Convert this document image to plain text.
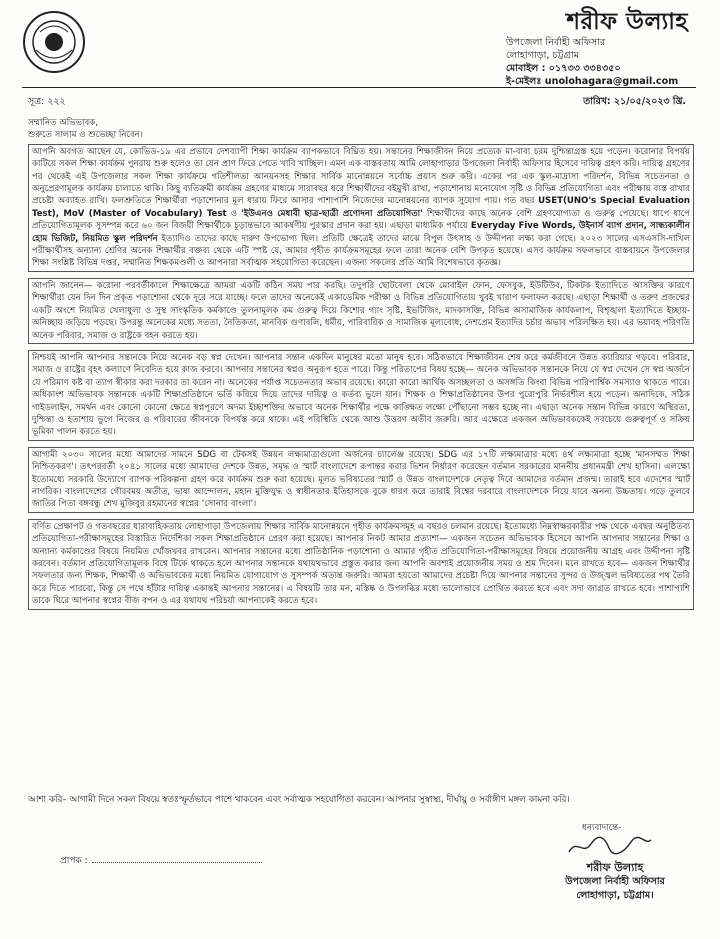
শরীফ উল্যাহ
উপজেলা নির্বাহী অফিসার
লোহাগাড়া, চট্টগ্রাম
মোবাইল : ০১৭৩৩ ৩৩৪৩৫০
ই-মেইলঃ unolohagara@gmail.com
সূত্র: ২২২	তারিখ: ২১/০৫/২০২৩ খ্রি.

সম্মানিত অভিভাবক,

শুরুতে সালাম ও শুভেচ্ছা নিবেন।

আপনি অবগত আছেন যে, কোভিড-১৯ এর প্রভাবে দেশব্যাপী শিক্ষা কার্যক্রম ব্যাপকভাবে বিঘ্নিত হয়। সন্তানের শিক্ষাজীবন নিয়ে প্রত্যেক মা-বাবা চরম দুশ্চিন্তাগ্রস্ত হয়ে পড়েন। করোনার বিপর্যয় কাটিয়ে সকল শিক্ষা কার্যক্রম পুনরায় শুরু হলেও তা যেন প্রাণ ফিরে পেতে খাবি খাচ্ছিল। এমন এক বাস্তবতায় আমি লোহাগাড়ার উপজেলা নির্বাহী অফিসার হিসেবে দায়িত্ব গ্রহণ করি। দায়িত্ব গ্রহণের পর থেকেই এই উপজেলার সকল শিক্ষা কার্যক্রমে গতিশীলতা আনয়নসহ শিক্ষার সার্বিক মানোন্নয়নে সর্বোচ্চ প্রয়াস শুরু করি। একের পর এক স্কুল-মাদ্রাসা পরিদর্শন, বিভিন্ন সচেতনতা ও অনুপ্রেরণামূলক কার্যক্রম চালাতে থাকি। কিছু ব্যতিক্রমী কার্যক্রম গ্রহণের মাধ্যমে সারাবছর ধরে শিক্ষার্থীদের বইমুখী রাখা, পড়াশোনায় মনোযোগ সৃষ্টি ও বিভিন্ন প্রতিযোগিতা এবং পরীক্ষায় ব্যস্ত রাখার প্রচেষ্টা অব্যাহত রাখি। ফলশ্রুতিতে শিক্ষার্থীরা পড়াশোনার মূল ধারায় ফিরে আসার পাশাপাশি নিজেদের মানোন্নয়নের ব্যাপক সুযোগ পায়। গত বছর USET(UNO's Special Evaluation Test), MoV (Master of Vocabulary) Test ও 'ইউএনও মেধাবী ছাত্র-ছাত্রী প্রণোদনা প্রতিযোগিতা' শিক্ষার্থীদের কাছে অনেক বেশি গ্রহণযোগ্যতা ও গুরুত্ব পেয়েছে। ধাপে ধাপে প্রতিযোগিতামূলক সুসম্পন্ন করে ৬০ জন বিজয়ী শিক্ষার্থীকে চূড়ান্তভাবে আকর্ষণীয় পুরস্কার প্রদান করা হয়। এছাড়া মাধ্যমিক পর্যায়ে Everyday Five Words, উইনার্স ব্যাগ প্রদান, সান্ধ্যকালীন হোম ভিজিট, নিয়মিত স্কুল পরিদর্শন ইত্যাদিও তাদের কাছে দারুণ উপভোগ্য ছিল। প্রতিটি ক্ষেত্রেই তাদের মাঝে বিপুল উৎসাহ ও উদ্দীপনা লক্ষ্য করা গেছে। ২০২৩ সালের এসএসসি-দাখিল পরীক্ষার্থীসহ অন্যান্য শ্রেণির অনেক শিক্ষার্থীর বক্তব্য থেকে এটি স্পষ্ট যে, আমার গৃহীত কার্যক্রমসমূহের ফলে তারা অনেক বেশি উপকৃত হয়েছে। এসব কার্যক্রম সফলভাবে বাস্তবায়নে উপজেলার শিক্ষা সংশ্লিষ্ট বিভিন্ন দপ্তর, সম্মানিত শিক্ষকমণ্ডলী ও আপনারা সর্বাত্মক সহযোগিতা করেছেন। এজন্য সকলের প্রতি আমি বিশেষভাবে কৃতজ্ঞ।

আপনি জানেন— করোনা পরবর্তীকালে শিক্ষাক্ষেত্রে আমরা একটি কঠিন সময় পার করছি। তদুপরি ছোটবেলা থেকে মোবাইল ফোন, ফেসবুক, ইউটিউব, টিকটক ইত্যাদিতে আসক্তির কারণে শিক্ষার্থীরা যেন দিন দিন প্রকৃত পড়াশোনা থেকে দূরে সরে যাচ্ছে। ফলে তাদের অনেকেই একাডেমিক পরীক্ষা ও বিভিন্ন প্রতিযোগিতায় খুবই খারাপ ফলাফল করছে। এছাড়া শিক্ষার্থী ও তরুণ প্রজন্মের একটি অংশে নিয়মিত খেলাধুলা ও সুস্থ সাংস্কৃতিক কর্মকাণ্ডে তুলনামূলক কম গুরুত্ব দিয়ে কিশোর গ্যাং সৃষ্টি, ইভটিজিং, মাদকাসক্তি, বিভিন্ন অসামাজিক কার্যকলাপ, বিশৃঙ্খলা ইত্যাদিতে ইচ্ছায়-অনিচ্ছায় জড়িয়ে পড়ছে। উপরন্তু অনেকের মধ্যে সততা, নৈতিকতা, মানবিক গুণাবলি, ধর্মীয়, পারিবারিক ও সামাজিক মূল্যবোধ, দেশপ্রেম ইত্যাদির চর্চার অভাব পরিলক্ষিত হয়। এর ভয়াবহ পরিণতি অনেক পরিবার, সমাজ ও রাষ্ট্রকে বহন করতে হয়।

নিশ্চয়ই আপনি আপনার সন্তানকে নিয়ে অনেক বড় স্বপ্ন দেখেন। আপনার সন্তান একদিন মানুষের মতো মানুষ হবে। সঠিকভাবে শিক্ষাজীবন শেষ করে কর্মজীবনে উন্নত ক্যারিয়ার গড়বে। পরিবার, সমাজ ও রাষ্ট্রের বৃহৎ কল্যাণে নিবেদিত হয়ে কাজ করবে। আপনার সন্তানের স্বপ্নও অনুরূপ হতে পারে। কিন্তু পরিতাপের বিষয় হচ্ছে— অনেক অভিভাবক সন্তানকে নিয়ে যে স্বপ্ন দেখেন সে স্বপ্ন অর্জনে যে পরিমাণ কষ্ট বা ত্যাগ স্বীকার করা দরকার তা করেন না। অনেকের পর্যাপ্ত সচেতনতার অভাব রয়েছে। কারো কারো আর্থিক অসচ্ছলতা ও অসঙ্গতি কিংবা বিভিন্ন পারিপার্শ্বিক সমস্যাও থাকতে পারে। অধিকাংশ অভিভাবক সন্তানকে একটি শিক্ষাপ্রতিষ্ঠানে ভর্তি করিয়ে দিয়ে তাদের দায়িত্ব ও কর্তব্য ভুলে যান। শিক্ষক ও শিক্ষাপ্রতিষ্ঠানের উপর পুরোপুরি নির্ভরশীল হয়ে পড়েন। অনাদিকে, সঠিক গাইডলাইন, সমর্থন এবং কোনো কোনো ক্ষেত্রে স্বপ্নপূরণে অদম্য ইচ্ছাশক্তির অভাবে অনেক শিক্ষার্থীর পক্ষে কাঙ্ক্ষিত লক্ষ্যে পৌঁছানো সম্ভব হচ্ছে না। এছাড়া অনেক সন্তান বিভিন্ন কারণে অস্থিরতা, দুশ্চিন্তা ও হতাশায় ভুগে নিজের ও পরিবারের জীবনকে বিপর্যস্ত করে থাকে। এই পরিস্থিতি থেকে আশু উত্তরণ অতীব জরুরি। আর এক্ষেত্রে একজন অভিভাবককেই সবচেয়ে গুরুত্বপূর্ণ ও সক্রিয় ভূমিকা পালন করতে হয়।

আগামী ২০৩০ সালের মধ্যে আমাদের সামনে SDG বা টেকসই উন্নয়ন লক্ষ্যমাত্রাগুলো অর্জনের চ্যালেঞ্জ রয়েছে। SDG এর ১৭টি লক্ষ্যমাত্রার মধ্যে ৪র্থ লক্ষ্যমাত্রা হচ্ছে 'মানসম্মত শিক্ষা নিশ্চিতকরণ'। তৎপরবর্তী ২০৪১ সালের মধ্যে আমাদের দেশকে উন্নত, সমৃদ্ধ ও স্মার্ট বাংলাদেশে রূপান্তর করার ভিশন নির্ধারণ করেছেন বর্তমান সরকারের মাননীয় প্রধানমন্ত্রী শেখ হাসিনা। এলক্ষ্যে ইতোমধ্যে সরকারি উদ্যোগে ব্যাপক পরিকল্পনা গ্রহণ করে কার্যক্রম শুরু করা হয়েছে। মূলত ভবিষ্যতের স্মার্ট ও উন্নত বাংলাদেশকে নেতৃত্ব দিবে আমাদের বর্তমান প্রজন্ম। তারাই হবে এদেশের স্মার্ট নাগরিক। বাংলাদেশের গৌরবময় অতীত, ভাষা আন্দোলন, মহান মুক্তিযুদ্ধ ও স্বাধীনতার ইতিহাসকে বুকে ধারণ করে তারাই বিশ্বের দরবারে বাংলাদেশকে নিয়ে যাবে অনন্য উচ্চতায়। গড়ে তুলবে জাতির পিতা বঙ্গবন্ধু শেখ মুজিবুর রহমানের স্বপ্নের 'সোনার বাংলা'।

বর্ণিত প্রেক্ষাপট ও গতবছরের ধারাবাহিকতায় লোহাগাড়া উপজেলায় শিক্ষার সার্বিক মানোন্নয়নে গৃহীত কার্যক্রমসমূহ এ বছরও চলমান রয়েছে। ইতোমধ্যে নিম্নস্বাক্ষরকারীর পক্ষ থেকে এবছর অনুষ্ঠিতব্য প্রতিযোগিতা-পরীক্ষাসমূহের বিস্তারিত নির্দেশিকা সকল শিক্ষাপ্রতিষ্ঠানে প্রেরণ করা হয়েছে। আপনার নিকট আমার প্রত্যাশা— একজন সচেতন অভিভাবক হিসেবে আপনি আপনার সন্তানের শিক্ষা ও অন্যান্য কর্মকাণ্ডের বিষয়ে নিয়মিত খোঁজখবর রাখবেন। আপনার সন্তানের মধ্যে প্রাতিষ্ঠানিক পড়াশোনা ও আমার গৃহীত প্রতিযোগিতা-পরীক্ষাসমূহের বিষয়ে প্রয়োজনীয় আগ্রহ এবং উদ্দীপনা সৃষ্টি করবেন। বর্তমান প্রতিযোগিতামূলক বিশ্বে টিকে থাকতে হলে আপনার সন্তানকে যথাযথভাবে প্রস্তুত করার জন্য আপনি অবশ্যই প্রয়োজনীয় সময় ও শ্রম দিবেন। মনে রাখতে হবে— একজন শিক্ষার্থীর সফলতার জন্য শিক্ষক, শিক্ষার্থী ও অভিভাবকের মধ্যে নিয়মিত যোগাযোগ ও সুসম্পর্ক অত্যন্ত জরুরি। আমরা হয়তো আমাদের প্রচেষ্টা দিয়ে আপনার সন্তানের সুন্দর ও উজ্জ্বল ভবিষ্যতের পথ তৈরি করে দিতে পারবো, কিন্তু সে পথে হাঁটার দায়িত্ব একান্তই আপনার সন্তানের। এ বিষয়টি তার মন, মস্তিষ্ক ও উপলব্ধির মধ্যে ভালোভাবে প্রোথিত করতে হবে এবং সদা জাগ্রত রাখতে হবে। পাশাপাশি তাকে ঘিরে আপনার স্বপ্নের বীজ বপন ও এর যথাযথ পরিচর্যা আপনাকেই করতে হবে।

আশা করি– আগামী দিনে সকল বিষয়ে স্বতঃস্ফূর্তভাবে পাশে থাকবেন এবং সর্বাত্মক সহযোগিতা করবেন। আপনার সুস্বাস্থ্য, দীর্ঘায়ু ও সর্বাঙ্গীণ মঙ্গল কামনা করি।
ধন্যবাদান্তে-
শরীফ উল্যাহ
উপজেলা নির্বাহী অফিসার
লোহাগাড়া, চট্টগ্রাম।
প্রাপক :
